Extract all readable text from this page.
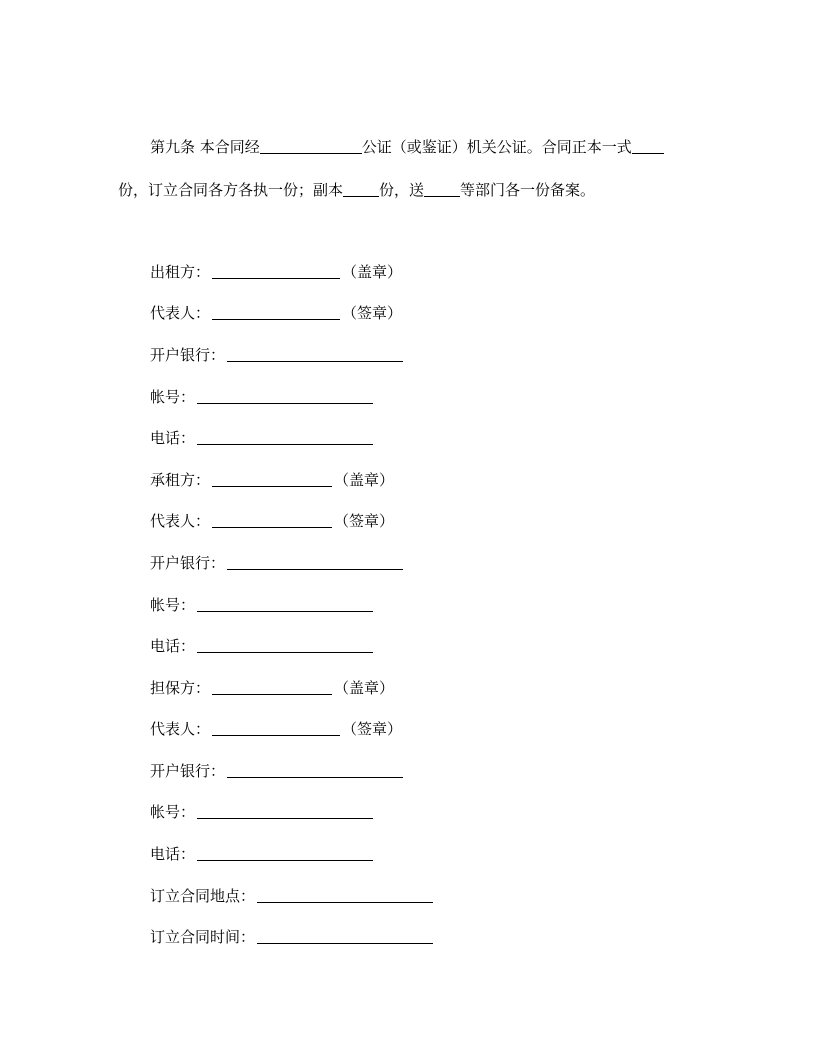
第九条 本合同经	公证（或鉴证）机关公证。合同正本一式
份，订立合同各方各执一份；副本 份，送 等部门各一份备案。
出租方：	（盖章）
代表人：	（签章）
开户银行：
帐号：
电话：
承租方：	（盖章）
代表人：	（签章）
开户银行：
帐号：
电话：
担保方：	（盖章）
代表人：	（签章）
开户银行：
帐号：
电话：
订立合同地点：
订立合同时间：
